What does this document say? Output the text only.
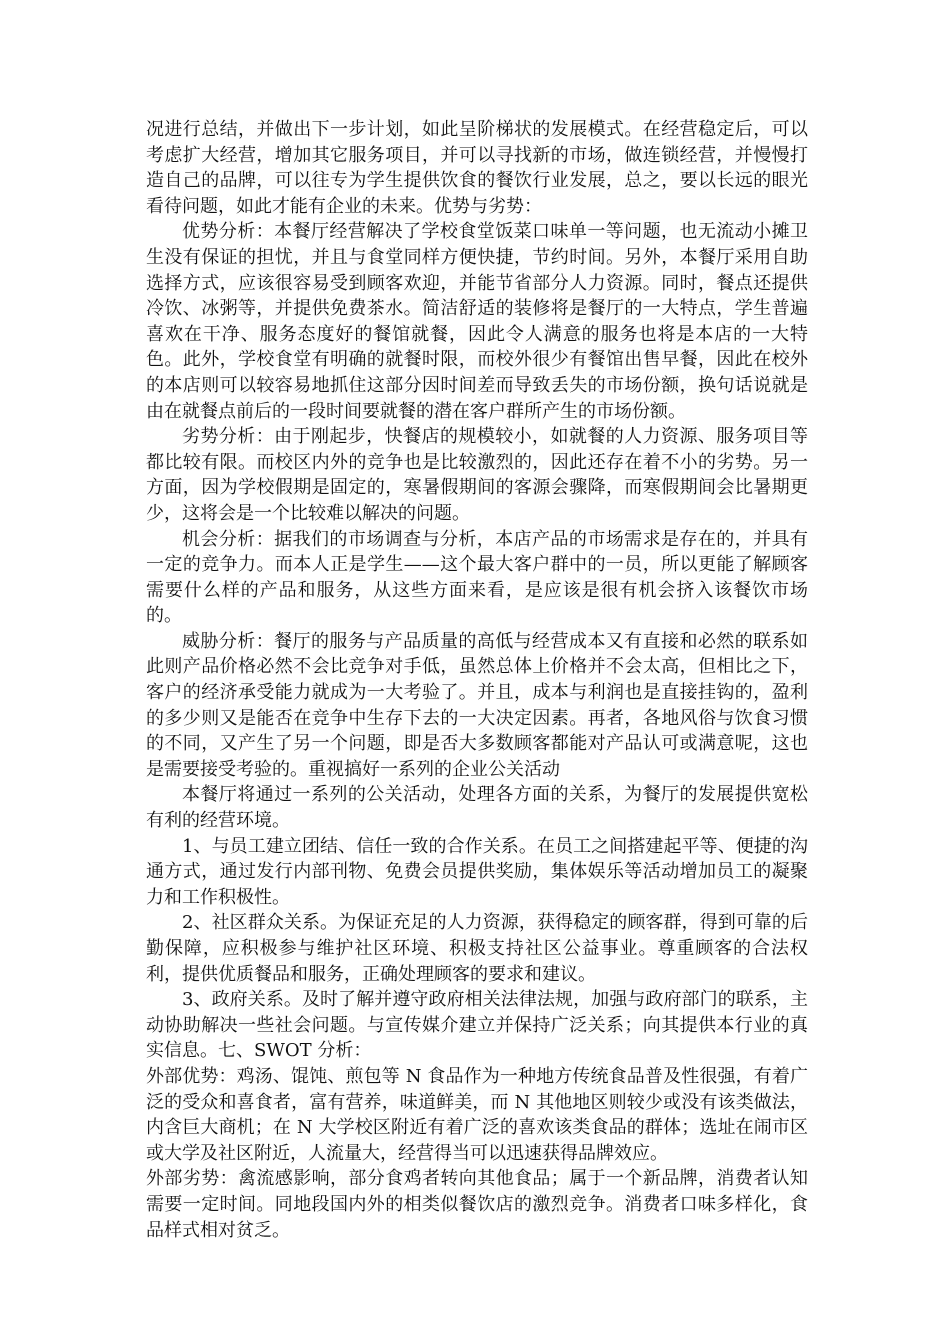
况进行总结，并做出下一步计划，如此呈阶梯状的发展模式。在经营稳定后，可以考虑扩大经营，增加其它服务项目，并可以寻找新的市场，做连锁经营，并慢慢打造自己的品牌，可以往专为学生提供饮食的餐饮行业发展，总之，要以长远的眼光看待问题，如此才能有企业的未来。优势与劣势：

优势分析：本餐厅经营解决了学校食堂饭菜口味单一等问题，也无流动小摊卫生没有保证的担忧，并且与食堂同样方便快捷，节约时间。另外，本餐厅采用自助选择方式，应该很容易受到顾客欢迎，并能节省部分人力资源。同时，餐点还提供冷饮、冰粥等，并提供免费茶水。简洁舒适的装修将是餐厅的一大特点，学生普遍喜欢在干净、服务态度好的餐馆就餐，因此令人满意的服务也将是本店的一大特色。此外，学校食堂有明确的就餐时限，而校外很少有餐馆出售早餐，因此在校外的本店则可以较容易地抓住这部分因时间差而导致丢失的市场份额，换句话说就是由在就餐点前后的一段时间要就餐的潜在客户群所产生的市场份额。

劣势分析：由于刚起步，快餐店的规模较小，如就餐的人力资源、服务项目等都比较有限。而校区内外的竞争也是比较激烈的，因此还存在着不小的劣势。另一方面，因为学校假期是固定的，寒暑假期间的客源会骤降，而寒假期间会比暑期更少，这将会是一个比较难以解决的问题。

机会分析：据我们的市场调查与分析，本店产品的市场需求是存在的，并具有一定的竞争力。而本人正是学生——这个最大客户群中的一员，所以更能了解顾客需要什么样的产品和服务，从这些方面来看，是应该是很有机会挤入该餐饮市场的。

威胁分析：餐厅的服务与产品质量的高低与经营成本又有直接和必然的联系如此则产品价格必然不会比竞争对手低，虽然总体上价格并不会太高，但相比之下，客户的经济承受能力就成为一大考验了。并且，成本与利润也是直接挂钩的，盈利的多少则又是能否在竞争中生存下去的一大决定因素。再者，各地风俗与饮食习惯的不同，又产生了另一个问题，即是否大多数顾客都能对产品认可或满意呢，这也是需要接受考验的。重视搞好一系列的企业公关活动

本餐厅将通过一系列的公关活动，处理各方面的关系，为餐厅的发展提供宽松有利的经营环境。

1、与员工建立团结、信任一致的合作关系。在员工之间搭建起平等、便捷的沟通方式，通过发行内部刊物、免费会员提供奖励，集体娱乐等活动增加员工的凝聚力和工作积极性。

2、社区群众关系。为保证充足的人力资源，获得稳定的顾客群，得到可靠的后勤保障，应积极参与维护社区环境、积极支持社区公益事业。尊重顾客的合法权利，提供优质餐品和服务，正确处理顾客的要求和建议。

3、政府关系。及时了解并遵守政府相关法律法规，加强与政府部门的联系，主动协助解决一些社会问题。与宣传媒介建立并保持广泛关系；向其提供本行业的真实信息。七、SWOT 分析：

外部优势：鸡汤、馄饨、煎包等 N 食品作为一种地方传统食品普及性很强，有着广泛的受众和喜食者，富有营养，味道鲜美，而 N 其他地区则较少或没有该类做法，内含巨大商机；在 N 大学校区附近有着广泛的喜欢该类食品的群体；选址在闹市区或大学及社区附近，人流量大，经营得当可以迅速获得品牌效应。

外部劣势：禽流感影响，部分食鸡者转向其他食品；属于一个新品牌，消费者认知需要一定时间。同地段国内外的相类似餐饮店的激烈竞争。消费者口味多样化，食品样式相对贫乏。
